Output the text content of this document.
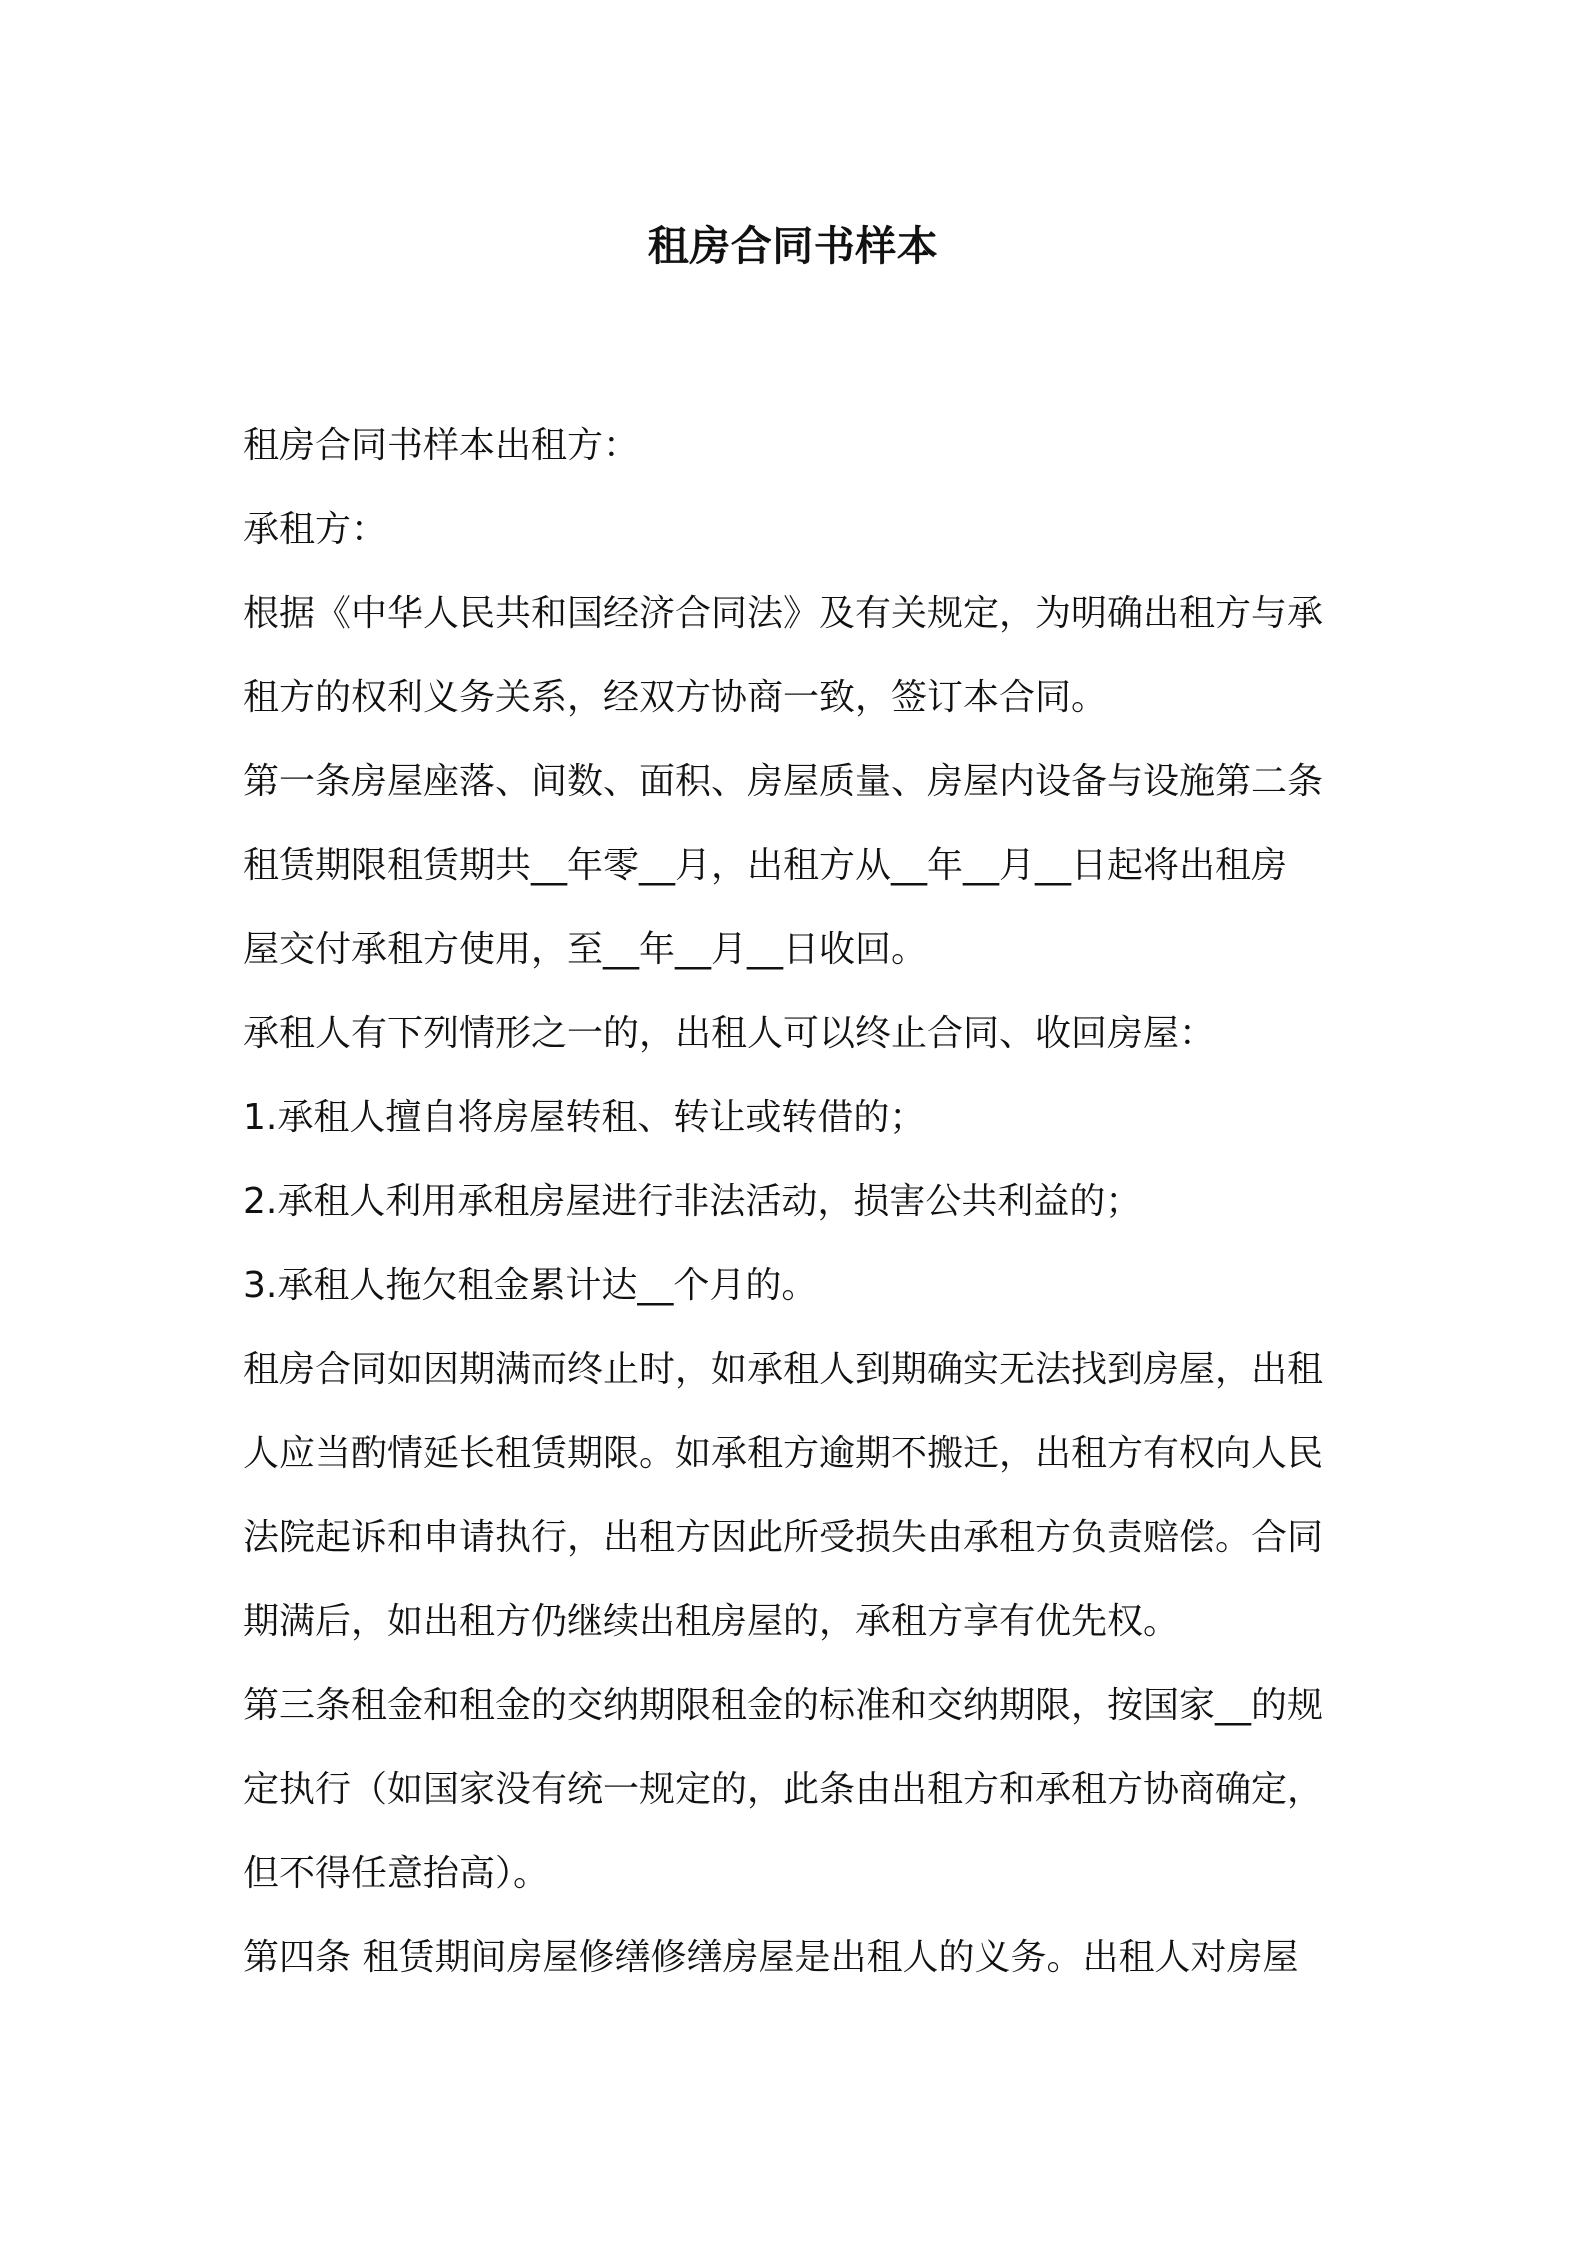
租房合同书样本
租房合同书样本出租方：
承租方：
根据《中华人民共和国经济合同法》及有关规定，为明确出租方与承
租方的权利义务关系，经双方协商一致，签订本合同。
第一条房屋座落、间数、面积、房屋质量、房屋内设备与设施第二条
租赁期限租赁期共__年零__月，出租方从__年__月__日起将出租房
屋交付承租方使用，至__年__月__日收回。
承租人有下列情形之一的，出租人可以终止合同、收回房屋：
1.承租人擅自将房屋转租、转让或转借的；
2.承租人利用承租房屋进行非法活动，损害公共利益的；
3.承租人拖欠租金累计达__个月的。
租房合同如因期满而终止时，如承租人到期确实无法找到房屋，出租
人应当酌情延长租赁期限。如承租方逾期不搬迁，出租方有权向人民
法院起诉和申请执行，出租方因此所受损失由承租方负责赔偿。合同
期满后，如出租方仍继续出租房屋的，承租方享有优先权。
第三条租金和租金的交纳期限租金的标准和交纳期限，按国家__的规
定执行（如国家没有统一规定的，此条由出租方和承租方协商确定，
但不得任意抬高）。
第四条 租赁期间房屋修缮修缮房屋是出租人的义务。出租人对房屋
